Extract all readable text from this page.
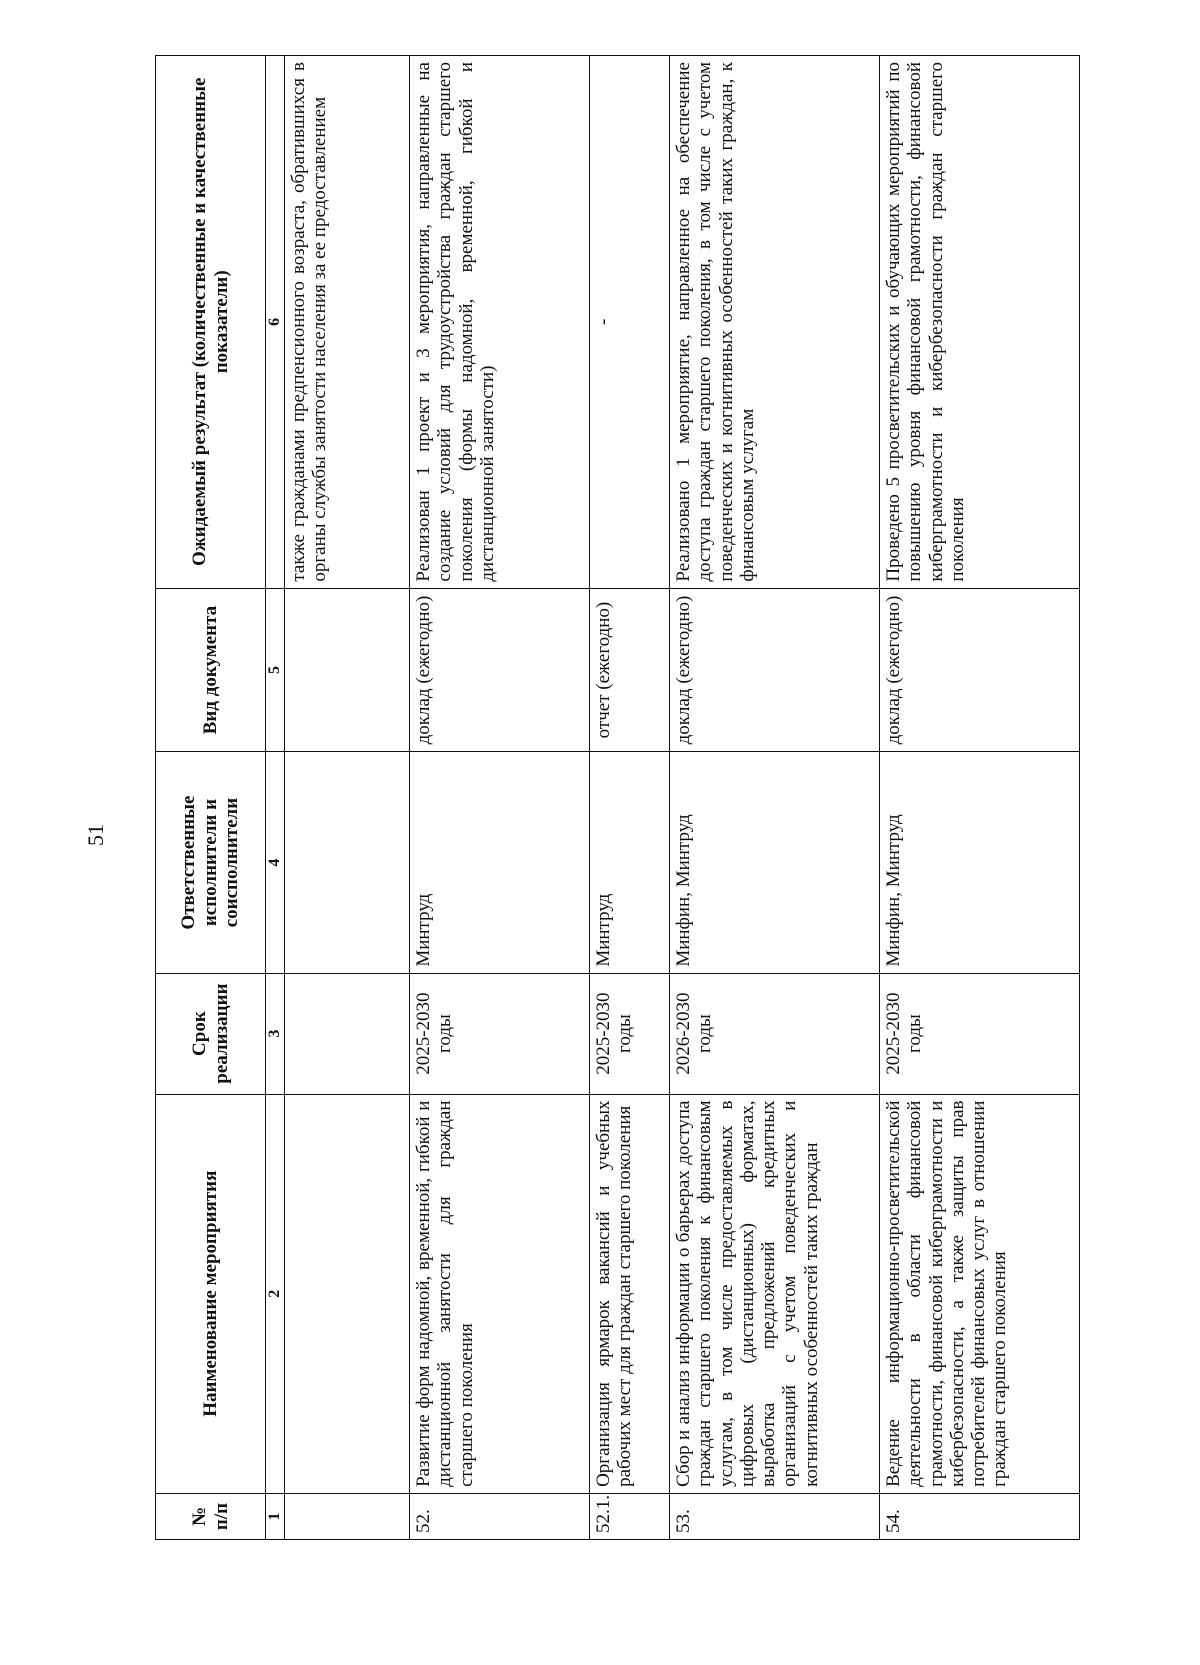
51
№ п/п	Наименование мероприятия	Срок реализации	Ответственные исполнители и соисполнители	Вид документа	Ожидаемый результат (количественные и качественные показатели)
1	2	3	4	5	6
					также гражданами предпенсионного возраста, обратившихся в органы службы занятости населения за ее предоставлением
52.	Развитие форм надомной, временной, гибкой и дистанционной занятости для граждан старшего поколения	2025-2030 годы	Минтруд	доклад (ежегодно)	Реализован 1 проект и 3 мероприятия, направленные на создание условий для трудоустройства граждан старшего поколения (формы надомной, временной, гибкой и дистанционной занятости)
52.1.	Организация ярмарок вакансий и учебных рабочих мест для граждан старшего поколения	2025-2030 годы	Минтруд	отчет (ежегодно)	-
53.	Сбор и анализ информации о барьерах доступа граждан старшего поколения к финансовым услугам, в том числе предоставляемых в цифровых (дистанционных) форматах, выработка предложений кредитных организаций с учетом поведенческих и когнитивных особенностей таких граждан	2026-2030 годы	Минфин, Минтруд	доклад (ежегодно)	Реализовано 1 мероприятие, направленное на обеспечение доступа граждан старшего поколения, в том числе с учетом поведенческих и когнитивных особенностей таких граждан, к финансовым услугам
54.	Ведение информационно-просветительской деятельности в области финансовой грамотности, финансовой киберграмотности и кибербезопасности, а также защиты прав потребителей финансовых услуг в отношении граждан старшего поколения	2025-2030 годы	Минфин, Минтруд	доклад (ежегодно)	Проведено 5 просветительских и обучающих мероприятий по повышению уровня финансовой грамотности, финансовой киберграмотности и кибербезопасности граждан старшего поколения
